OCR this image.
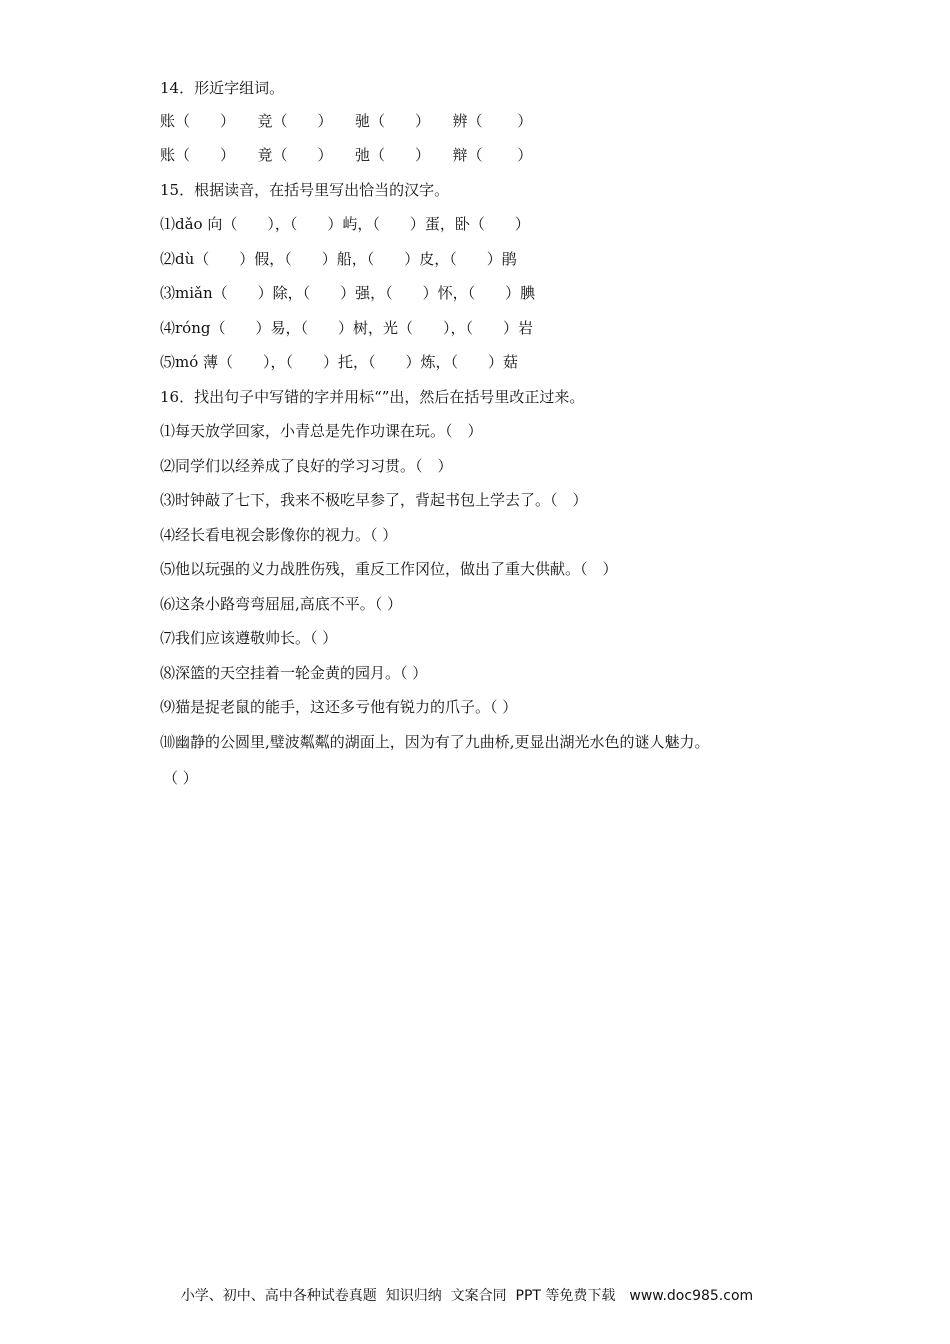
14．形近字组词。
账（　　）　　竞（　　）　　驰（　　）　　辨（　　 ）
账（　　）　　竟（　　）　　弛（　　）　　辩（　　 ）
15．根据读音，在括号里写出恰当的汉字。
⑴dǎo 向（　　），（　　）屿，（　　）蛋，卧（　　）
⑵dù（　　）假，（　　）船，（　　）皮，（　　）鹃
⑶miǎn（　　）除，（　　）强，（　　）怀，（　　）腆
⑷róng（　　）易，（　　）树，光（　　），（　　）岩
⑸mó 薄（　　），（　　）托，（　　）炼，（　　）菇
16．找出句子中写错的字并用标“”出，然后在括号里改正过来。
⑴每天放学回家，小青总是先作功课在玩。（　）
⑵同学们以经养成了良好的学习习贯。（　）
⑶时钟敲了七下，我来不极吃早参了，背起书包上学去了。（　）
⑷经长看电视会影像你的视力。（ ）
⑸他以玩强的义力战胜伤残，重反工作冈位，做出了重大供献。（　）
⑹这条小路弯弯屈屈,高底不平。（ ）
⑺我们应该遵敬帅长。（ ）
⑻深篮的天空挂着一轮金黄的园月。（ ）
⑼猫是捉老鼠的能手，这还多亏他有锐力的爪子。（ ）
⑽幽静的公圆里,璧波粼粼的湖面上，因为有了九曲桥,更显出湖光水色的谜人魅力。
（ ）

小学、初中、高中各种试卷真题  知识归纳  文案合同  PPT 等免费下载 www.doc985.com
